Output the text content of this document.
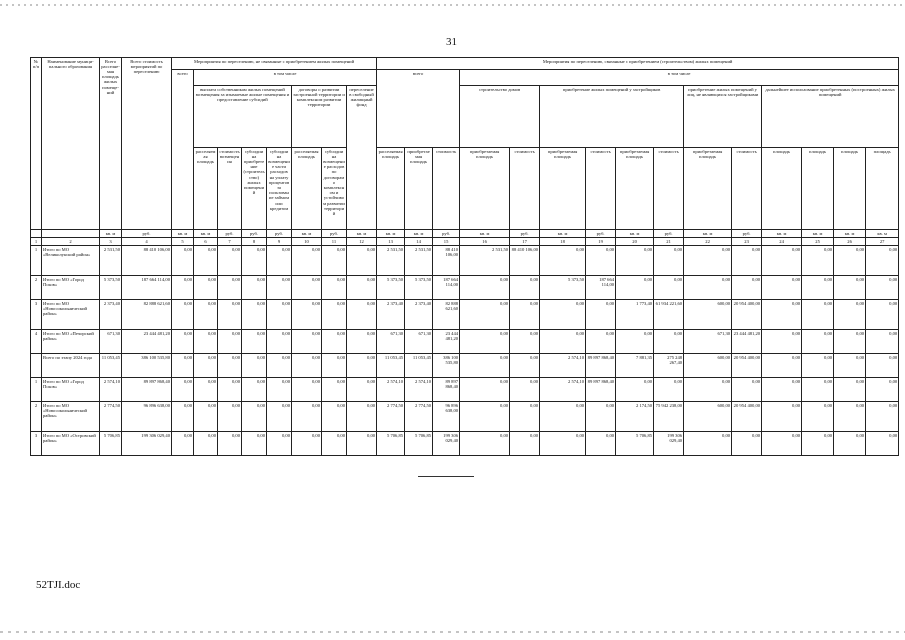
31
№ п/п	Наименование муници-пального образования	Всего расселяе-мая площадь жилых помеще-ний	Всего стоимость мероприятий по переселению	Мероприятия по переселению, не связанные с приобретением жилых помещений								Мероприятия по переселению, связанные с приобретением (строительством) жилых помещений														
				всего	в том числе							всего			в том числе											
					выплата собственникам жилых помещений возмещения за изымаемые жилые помещения и предоставление субсидий				договоры о развитии застроенной территории и комплексном развитии территории		переселение в свободный жилищный фонд				строительство домов		приобретение жилых помещений у застройщиков				приобретение жилых помещений у лиц, не являющихся застройщиками		дальнейшее использование приобретенных (построенных) жилых помещений			
					расселяемая площадь	стоимость возмещения	субсидии на приобретение (строительство) жилых помещений	субсидии на возмещение части расходов на уплату процентов за пользование займом или кредитом	расселяемая площадь	субсидии на возмещение расходов по договорам о комплексном и устойчивом развитии территорий		расселяемая площадь	приобретаемая площадь	стоимость	приобретаемая площадь	стоимость	приобретаемая площадь	стоимость	приобретаемая площадь	стоимость	приобретаемая площадь	стоимость	площадь	площадь	площадь	площадь
		кв. м	руб.	кв. м	кв. м	руб.	руб.	руб.	кв. м	руб.	кв. м	кв. м	кв. м	руб.	кв. м	руб.	кв. м	руб.	кв. м	руб.	кв. м	руб.	кв. м	кв. м	кв. м	кв. м
1	2	3	4	5	6	7	8	9	10	11	12	13	14	15	16	17	18	19	20	21	22	23	24	25	26	27
1	Итого по МО «Великолукский район»	2 531,50	88 410 106,00	0,00	0,00	0,00	0,00	0,00	0,00	0,00	0,00	2 531,50	2 531,50	88 410 106,00	2 531,50	88 410 106,00	0,00	0,00	0,00	0,00	0,00	0,00	0,00	0,00	0,00	0,00
2	Итого по МО «Город Псков»	5 373,50	187 664 114,00	0,00	0,00	0,00	0,00	0,00	0,00	0,00	0,00	5 373,50	5 373,50	187 664 114,00	0,00	0,00	5 373,50	187 664 114,00	0,00	0,00	0,00	0,00	0,00	0,00	0,00	0,00
3	Итого по МО «Новосокольнический район»	2 373,40	82 888 621,60	0,00	0,00	0,00	0,00	0,00	0,00	0,00	0,00	2 373,40	2 373,40	82 888 621,60	0,00	0,00	0,00	0,00	1 773,40	61 934 221,60	600,00	20 954 400,00	0,00	0,00	0,00	0,00
4	Итого по МО «Печорский район»	671,30	23 444 481,20	0,00	0,00	0,00	0,00	0,00	0,00	0,00	0,00	671,30	671,30	23 444 481,20	0,00	0,00	0,00	0,00	0,00	0,00	671,30	23 444 481,20	0,00	0,00	0,00	0,00
	Всего по этапу 2024 года	11 053,45	386 100 535,80	0,00	0,00	0,00	0,00	0,00	0,00	0,00	0,00	11 053,45	11 053,45	386 100 535,80	0,00	0,00	2 574,10	89 897 868,40	7 881,35	275 248 267,40	600,00	20 954 400,00	0,00	0,00	0,00	0,00
1	Итого по МО «Город Псков»	2 574,10	89 897 868,40	0,00	0,00	0,00	0,00	0,00	0,00	0,00	0,00	2 574,10	2 574,10	89 897 868,40	0,00	0,00	2 574,10	89 897 868,40	0,00	0,00	0,00	0,00	0,00	0,00	0,00	0,00
2	Итого по МО «Новосокольнический район»	2 774,50	96 896 638,00	0,00	0,00	0,00	0,00	0,00	0,00	0,00	0,00	2 774,50	2 774,50	96 896 638,00	0,00	0,00	0,00	0,00	2 174,50	75 942 238,00	600,00	20 954 400,00	0,00	0,00	0,00	0,00
3	Итого по МО «Островский район»	5 706,85	199 306 029,40	0,00	0,00	0,00	0,00	0,00	0,00	0,00	0,00	5 706,85	5 706,85	199 306 029,40	0,00	0,00	0,00	0,00	5 706,85	199 306 029,40	0,00	0,00	0,00	0,00	0,00	0,00
52TJI.doc
